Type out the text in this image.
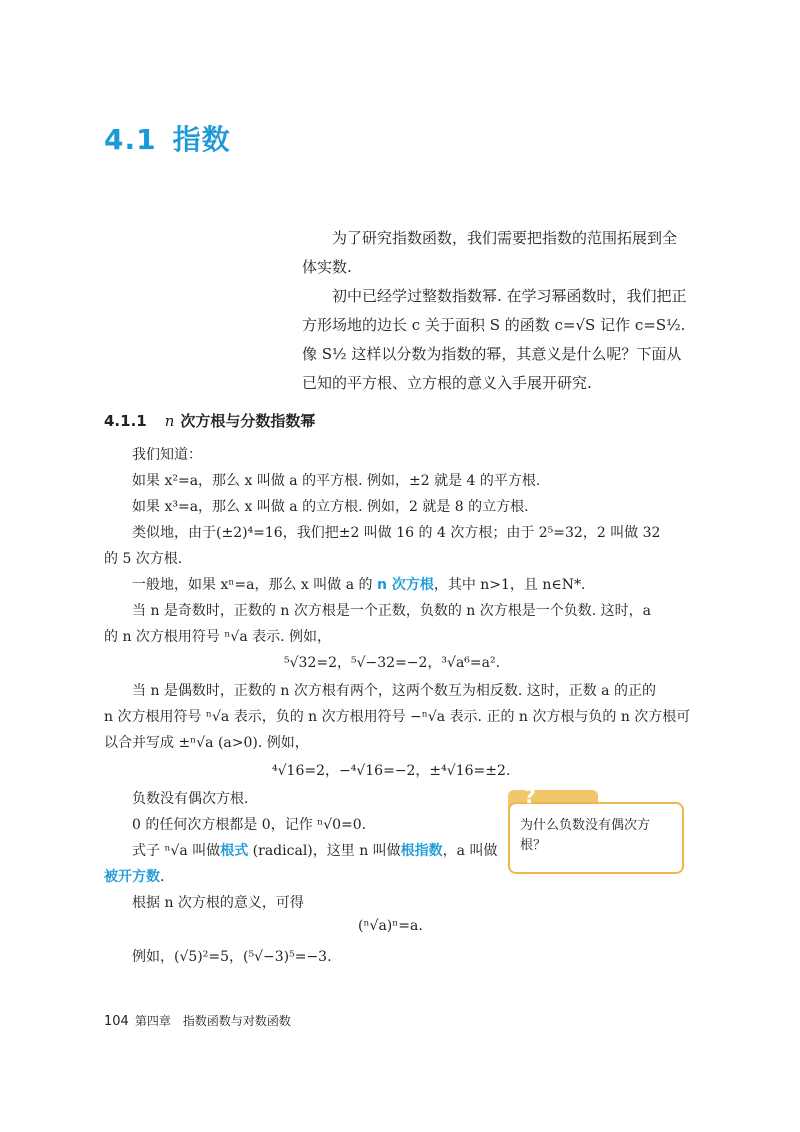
4.1 指数

为了研究指数函数，我们需要把指数的范围拓展到全体实数.

初中已经学过整数指数幂. 在学习幂函数时，我们把正方形场地的边长 c 关于面积 S 的函数 c=√S 记作 c=S½. 像 S½ 这样以分数为指数的幂，其意义是什么呢？下面从已知的平方根、立方根的意义入手展开研究.

4.1.1 n 次方根与分数指数幂
我们知道：
如果 x²=a，那么 x 叫做 a 的平方根. 例如，±2 就是 4 的平方根.
如果 x³=a，那么 x 叫做 a 的立方根. 例如，2 就是 8 的立方根.
类似地，由于(±2)⁴=16，我们把±2 叫做 16 的 4 次方根；由于 2⁵=32，2 叫做 32
的 5 次方根.
一般地，如果 xⁿ=a，那么 x 叫做 a 的 n 次方根，其中 n>1，且 n∈N*.
当 n 是奇数时，正数的 n 次方根是一个正数，负数的 n 次方根是一个负数. 这时，a
的 n 次方根用符号 ⁿ√a 表示. 例如，
⁵√32=2，⁵√−32=−2，³√a⁶=a².
当 n 是偶数时，正数的 n 次方根有两个，这两个数互为相反数. 这时，正数 a 的正的
n 次方根用符号 ⁿ√a 表示，负的 n 次方根用符号 −ⁿ√a 表示. 正的 n 次方根与负的 n 次方根可
以合并写成 ±ⁿ√a (a>0). 例如，
⁴√16=2，−⁴√16=−2，±⁴√16=±2.
负数没有偶次方根.
0 的任何次方根都是 0，记作 ⁿ√0=0.
式子 ⁿ√a 叫做根式 (radical)，这里 n 叫做根指数，a 叫做
被开方数.
根据 n 次方根的意义，可得
(ⁿ√a)ⁿ=a.
例如，(√5)²=5，(⁵√−3)⁵=−3.
?
为什么负数没有偶次方根？
104 第四章　指数函数与对数函数
